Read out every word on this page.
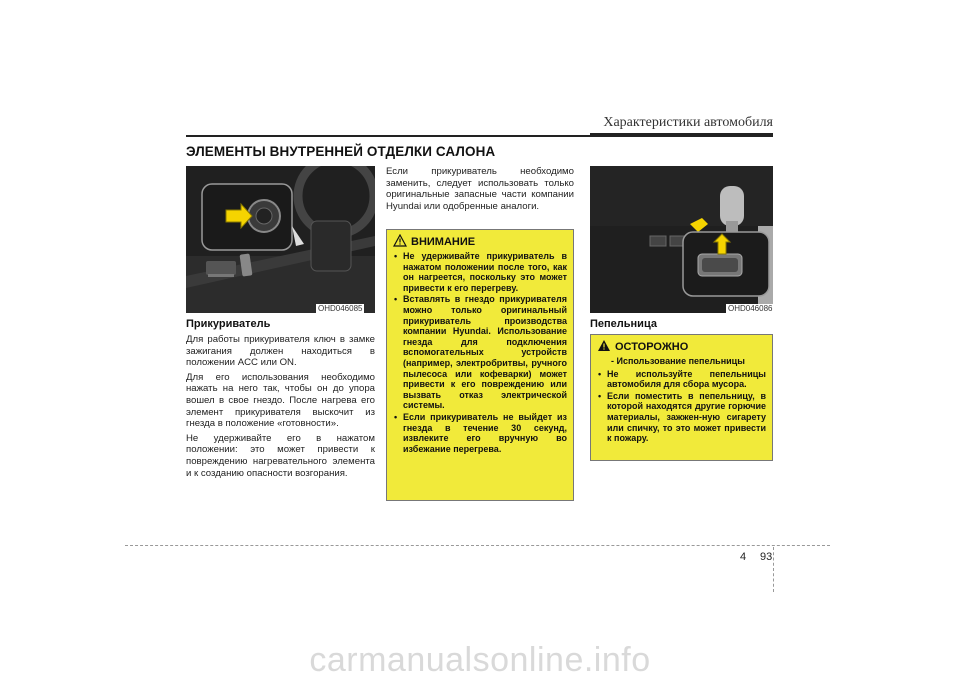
Характеристики автомобиля
ЭЛЕМЕНТЫ ВНУТРЕННЕЙ ОТДЕЛКИ САЛОНА
OHD046085	OHD046086
Прикуриватель

Для работы прикуривателя ключ в замке зажигания должен находиться в положении ACC или ON.

Для его использования необходимо нажать на него так, чтобы он до упора вошел в свое гнездо. После нагрева его элемент прикуривателя выскочит из гнезда в положение «готовности».

Не удерживайте его в нажатом положении: это может привести к повреждению нагревательного элемента и к созданию опасности возгорания.

Если прикуриватель необходимо заменить, следует использовать только оригинальные запасные части компании Hyundai или одобренные аналоги.

ВНИМАНИЕ
• Не удерживайте прикуриватель в нажатом положении после того, как он нагреется, поскольку это может привести к его перегреву.
• Вставлять в гнездо прикуривателя можно только оригинальный прикуриватель производства компании Hyundai. Использование гнезда для подключения вспомогательных устройств (например, электробритвы, ручного пылесоса или кофеварки) может привести к его повреждению или вызвать отказ электрической системы.
• Если прикуриватель не выйдет из гнезда в течение 30 секунд, извлеките его вручную во избежание перегрева.
Пепельница
ОСТОРОЖНО
- Использование пепельницы
• Не используйте пепельницы автомобиля для сбора мусора.
• Если поместить в пепельницу, в которой находятся другие горючие материалы, зажжен-ную сигарету или спичку, то это может привести к пожару.
4 93
carmanualsonline.info
